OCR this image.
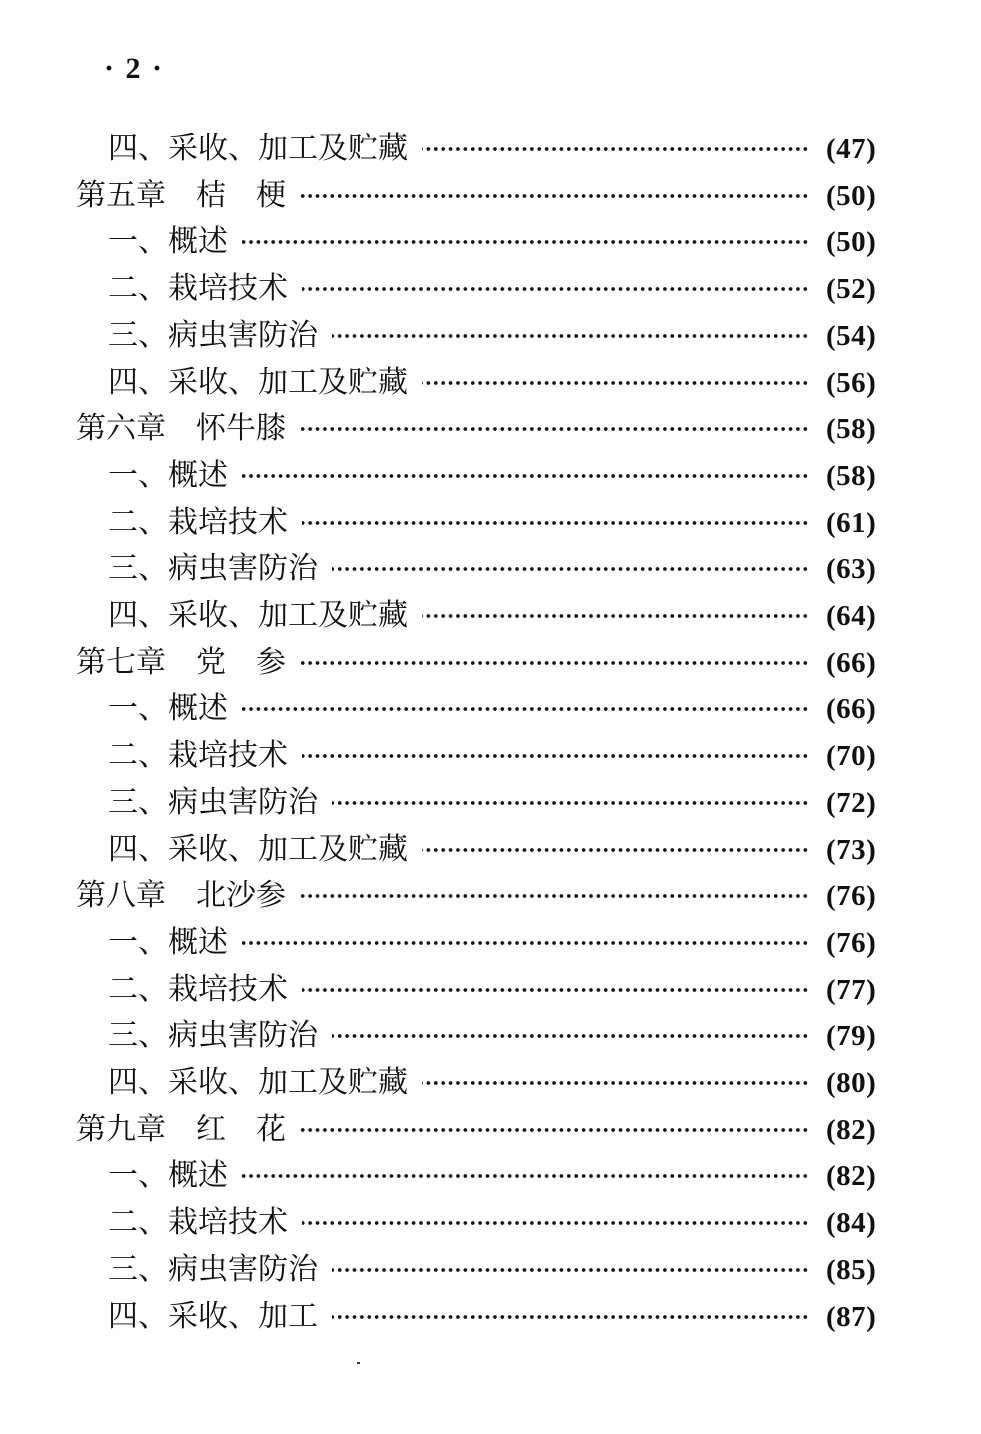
· 2 ·
四、采收、加工及贮藏	(47)
第五章　桔　梗	(50)
一、概述	(50)
二、栽培技术	(52)
三、病虫害防治	(54)
四、采收、加工及贮藏	(56)
第六章　怀牛膝	(58)
一、概述	(58)
二、栽培技术	(61)
三、病虫害防治	(63)
四、采收、加工及贮藏	(64)
第七章　党　参	(66)
一、概述	(66)
二、栽培技术	(70)
三、病虫害防治	(72)
四、采收、加工及贮藏	(73)
第八章　北沙参	(76)
一、概述	(76)
二、栽培技术	(77)
三、病虫害防治	(79)
四、采收、加工及贮藏	(80)
第九章　红　花	(82)
一、概述	(82)
二、栽培技术	(84)
三、病虫害防治	(85)
四、采收、加工	(87)
